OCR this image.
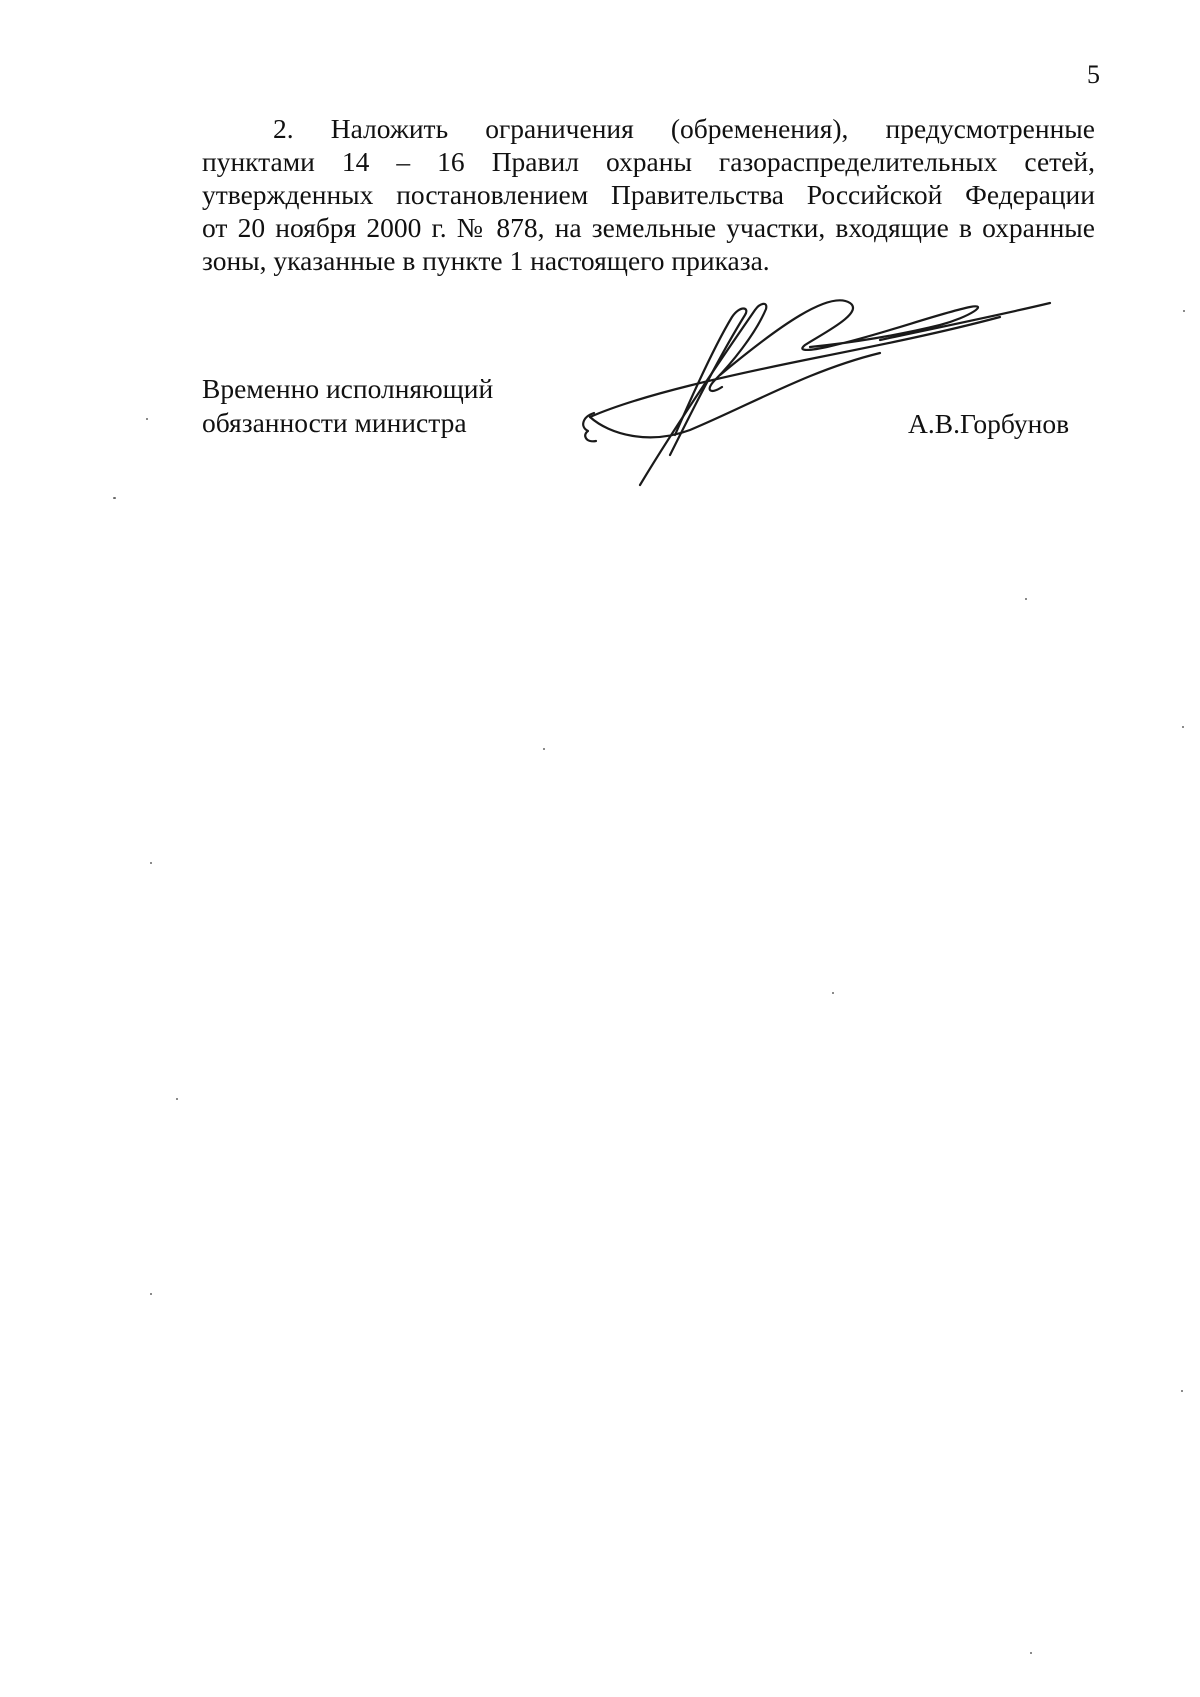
5
2. Наложить ограничения (обременения), предусмотренные
пунктами 14 – 16 Правил охраны газораспределительных сетей,
утвержденных постановлением Правительства Российской Федерации
от 20 ноября 2000 г. № 878, на земельные участки, входящие в охранные
зоны, указанные в пункте 1 настоящего приказа.
Временно исполняющий
обязанности министра	А.В.Горбунов
